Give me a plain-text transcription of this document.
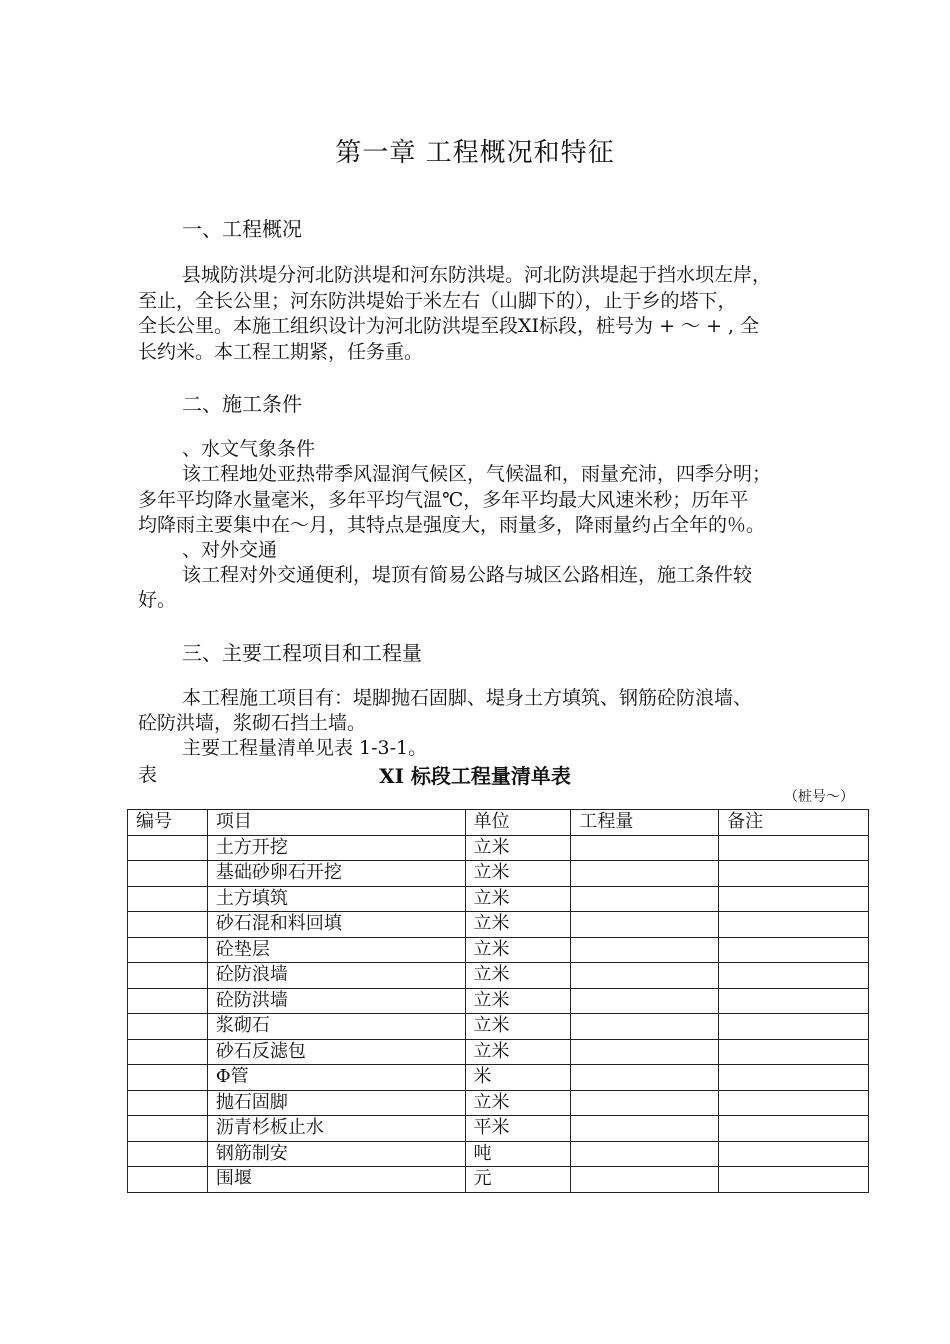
第一章 工程概况和特征
一、工程概况
县城防洪堤分河北防洪堤和河东防洪堤。河北防洪堤起于挡水坝左岸，
至止，全长公里；河东防洪堤始于米左右（山脚下的），止于乡的塔下，
全长公里。本施工组织设计为河北防洪堤至段XI标段，桩号为 + ～ + , 全
长约米。本工程工期紧，任务重。
二、施工条件
、水文气象条件
该工程地处亚热带季风湿润气候区，气候温和，雨量充沛，四季分明；
多年平均降水量毫米，多年平均气温℃，多年平均最大风速米秒；历年平
均降雨主要集中在～月，其特点是强度大，雨量多，降雨量约占全年的％。
、对外交通
该工程对外交通便利，堤顶有简易公路与城区公路相连，施工条件较
好。
三、主要工程项目和工程量
本工程施工项目有：堤脚抛石固脚、堤身土方填筑、钢筋砼防浪墙、
砼防洪墙，浆砌石挡土墙。
主要工程量清单见表 1-3-1。
表	XI 标段工程量清单表
（桩号～）
编号	项目	单位	工程量	备注
	土方开挖	立米		
	基础砂卵石开挖	立米		
	土方填筑	立米		
	砂石混和料回填	立米		
	砼垫层	立米		
	砼防浪墙	立米		
	砼防洪墙	立米		
	浆砌石	立米		
	砂石反滤包	立米		
	Φ管	米		
	抛石固脚	立米		
	沥青杉板止水	平米		
	钢筋制安	吨		
	围堰	元		
